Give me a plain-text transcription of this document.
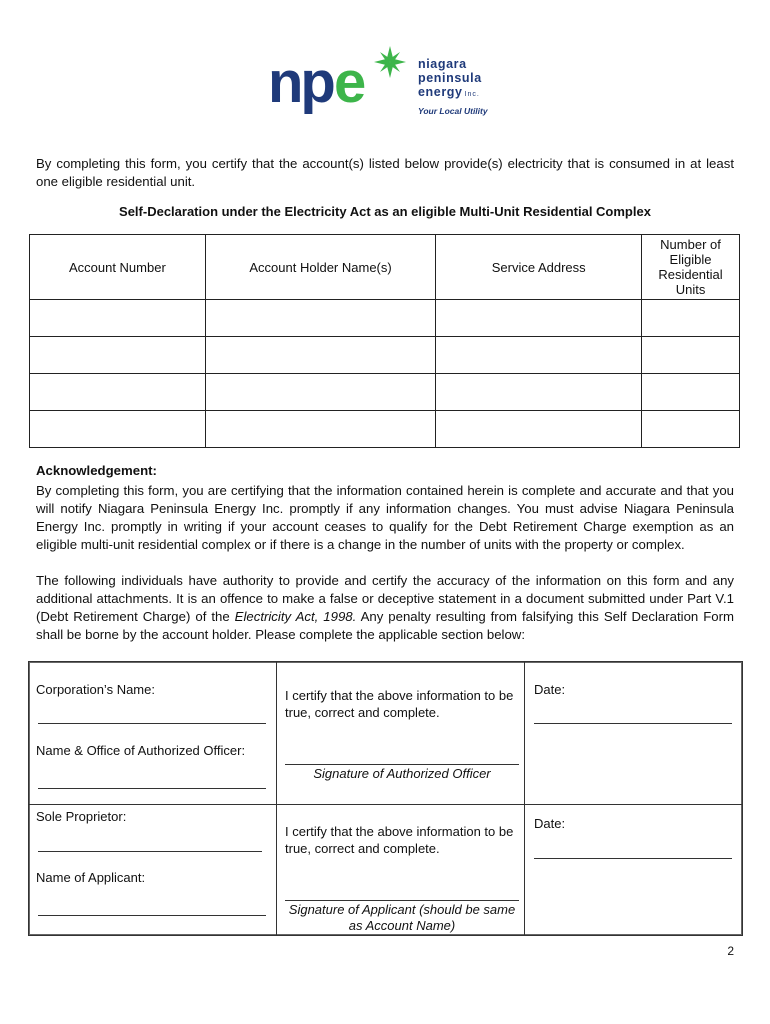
np e	niagara
peninsula
energy Inc.
Your Local Utility
By completing this form, you certify that the account(s) listed below provide(s) electricity that is consumed in at least one eligible residential unit.
Self-Declaration under the Electricity Act as an eligible Multi-Unit Residential Complex
Account Number	Account Holder Name(s)	Service Address	Number of Eligible Residential Units

Acknowledgement:
By completing this form, you are certifying that the information contained herein is complete and accurate and that you will notify Niagara Peninsula Energy Inc. promptly if any information changes. You must advise Niagara Peninsula Energy Inc. promptly in writing if your account ceases to qualify for the Debt Retirement Charge exemption as an eligible multi-unit residential complex or if there is a change in the number of units with the property or complex.
The following individuals have authority to provide and certify the accuracy of the information on this form and any additional attachments. It is an offence to make a false or deceptive statement in a document submitted under Part V.1 (Debt Retirement Charge) of the Electricity Act, 1998. Any penalty resulting from falsifying this Self Declaration Form shall be borne by the account holder. Please complete the applicable section below:
Corporation’s Name:
Name & Office of Authorized Officer:
I certify that the above information to be true, correct and complete.
Signature of Authorized Officer
Date:
Sole Proprietor:
Name of Applicant:
I certify that the above information to be true, correct and complete.
Signature of Applicant (should be same
as Account Name)
Date:
2
